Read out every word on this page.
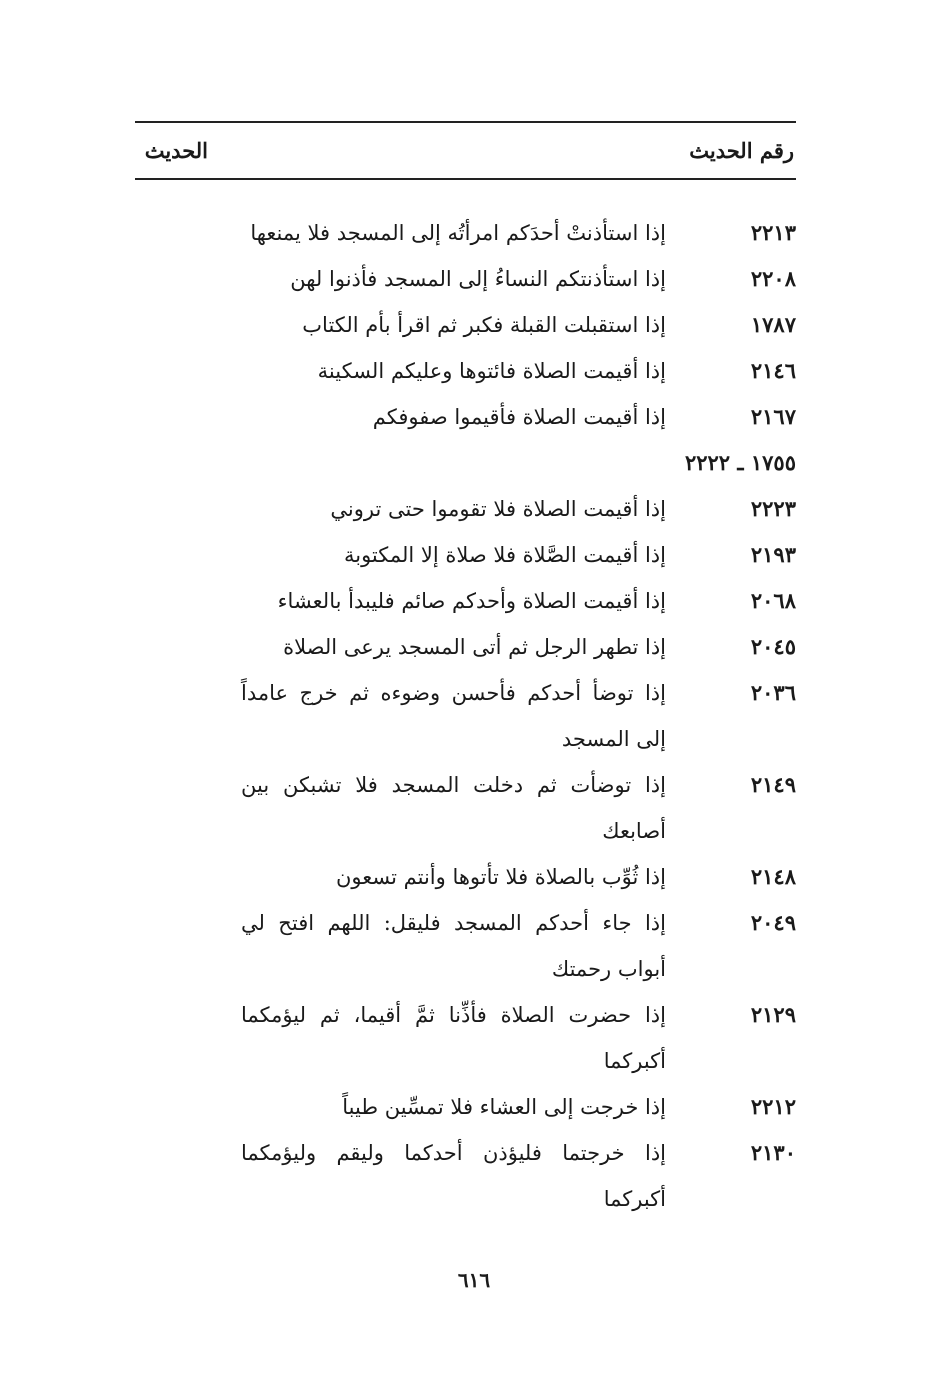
رقم الحديث
الحديث
٢٢١٣
إذا استأذنتْ أحدَكم امرأتُه إلى المسجد فلا يمنعها
٢٢٠٨
إذا استأذنتكم النساءُ إلى المسجد فأذنوا لهن
١٧٨٧
إذا استقبلت القبلة فكبر ثم اقرأ بأم الكتاب
٢١٤٦
إذا أقيمت الصلاة فائتوها وعليكم السكينة
٢١٦٧
إذا أقيمت الصلاة فأقيموا صفوفكم
١٧٥٥ ـ ٢٢٢٢
٢٢٢٣
إذا أقيمت الصلاة فلا تقوموا حتى تروني
٢١٩٣
إذا أقيمت الصَّلاة فلا صلاة إلا المكتوبة
٢٠٦٨
إذا أقيمت الصلاة وأحدكم صائم فليبدأ بالعشاء
٢٠٤٥
إذا تطهر الرجل ثم أتى المسجد يرعى الصلاة
٢٠٣٦
إذا توضأ أحدكم فأحسن وضوءه ثم خرج عامداً إلى المسجد
٢١٤٩
إذا توضأت ثم دخلت المسجد فلا تشبكن بين أصابعك
٢١٤٨
إذا ثُوِّب بالصلاة فلا تأتوها وأنتم تسعون
٢٠٤٩
إذا جاء أحدكم المسجد فليقل: اللهم افتح لي أبواب رحمتك
٢١٢٩
إذا حضرت الصلاة فأذِّنا ثمَّ أقيما، ثم ليؤمكما أكبركما
٢٢١٢
إذا خرجت إلى العشاء فلا تمسِّين طيباً
٢١٣٠
إذا خرجتما فليؤذن أحدكما وليقم وليؤمكما أكبركما
٦١٦
